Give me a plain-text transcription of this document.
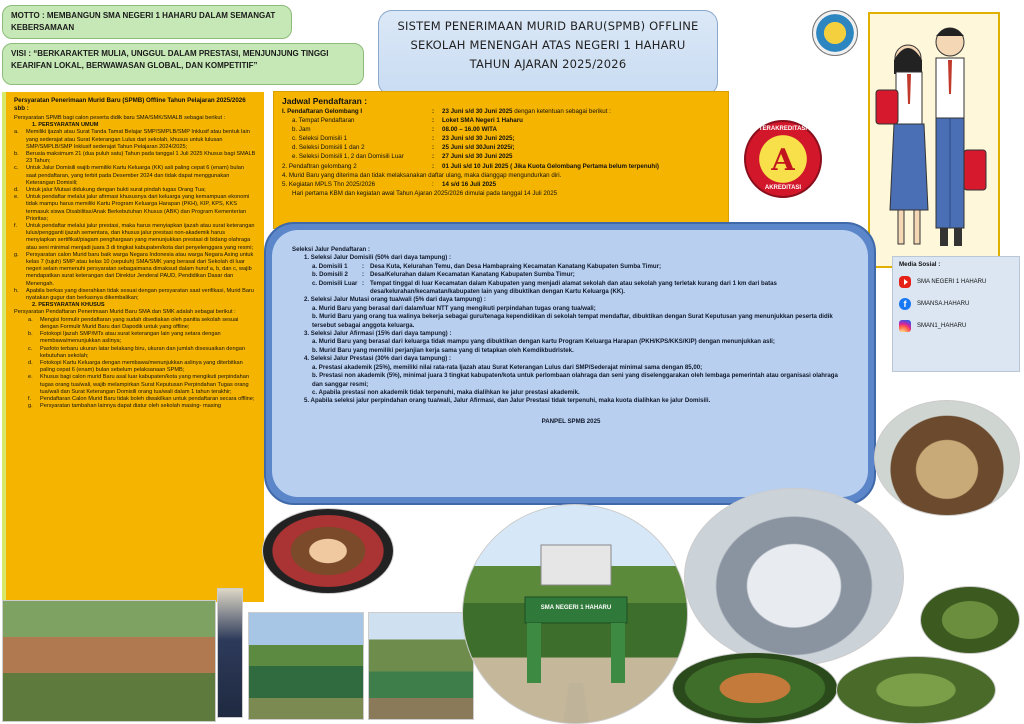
MOTTO : MEMBANGUN SMA NEGERI 1 HAHARU DALAM SEMANGAT KEBERSAMAAN
VISI : “BERKARAKTER MULIA, UNGGUL DALAM PRESTASI, MENJUNJUNG TINGGI KEARIFAN LOKAL, BERWAWASAN GLOBAL, DAN KOMPETITIF”
SISTEM PENERIMAAN MURID BARU(SPMB) OFFLINE
SEKOLAH MENENGAH ATAS NEGERI 1 HAHARU
TAHUN AJARAN 2025/2026
TERAKREDITASI
A
AKREDITASI
Persyaratan Penerimaan Murid Baru (SPMB) Offline Tahun Pelajaran 2025/2026 sbb :
Persyaratan SPMB bagi calon peserta didik baru SMA/SMK/SMALB sebagai berikut :
1. PERSYARATAN UMUM
a.	Memiliki ijazah atau Surat Tanda Tamat Belajar SMP/SMPLB/SMP Inklusif atau bentuk lain yang sederajat atau Surat Keterangan Lulus dari sekolah, khusus untuk lulusan SMP/SMPLB/SMP Inklusif sederajat Tahun Pelajaran 2024/2025;
b.	Berusia maksimum 21 (dua puluh satu) Tahun pada tanggal 1 Juli 2025 Khusus bagi SMALB 23 Tahun;
c.	Untuk Jalur Domisili wajib memiliki Kartu Keluarga (KK) asli paling cepat 6 (enam) bulan saat pendaftaran, yang terbit pada Desember 2024 dan tidak dapat menggunakan Keterangan Domisili;
d.	Untuk jalur Mutasi didukung dengan bukti surat pindah tugas Orang Tua;
e.	Untuk pendaftar melalui jalur afirmasi khususnya dari keluarga yang kemampuan ekonomi tidak mampu harus memiliki Kartu Program Keluarga Harapan (PKH), KIP, KPS, KKS termasuk siswa Disabilitas/Anak Berkebutuhan Khusus (ABK) dan Program Kementerian Prioritas;
f.	Untuk pendaftar melalui jalur prestasi, maka harus menyiapkan ijazah atau surat keterangan lulus/pengganti ijazah sementara, dan khusus jalur prestasi non-akademik harus menyiapkan sertifikat/piagam penghargaan yang menunjukkan prestasi di bidang olahraga atau seni minimal menjadi juara 3 di tingkat kabupaten/kota dari penyelenggara yang resmi;
g.	Persyaratan calon Murid baru baik warga Negara Indonesia atau warga Negara Asing untuk kelas 7 (tujuh) SMP atau kelas 10 (sepuluh) SMA/SMK yang berasal dari Sekolah di luar negeri selain memenuhi persyaratan sebagaimana dimaksud dalam huruf a, b, dan c, wajib mendapatkan surat keterangan dari Direktur Jenderal PAUD, Pendidikan Dasar dan Menengah.
h.	Apabila berkas yang diserahkan tidak sesuai dengan persyaratan saat verifikasi, Murid Baru nyatakan gugur dan berkasnya dikembalikan;
2. PERSYARATAN KHUSUS
Persyaratan Pendaftaran Penerimaan Murid Baru SMA dan SMK adalah sebagai berikut :
a.	Mengisi formulir pendaftaran yang sudah disediakan oleh panitia sekolah sesuai dengan Formulir Murid Baru dari Dapodik untuk yang offline;
b.	Fotokopi Ijazah SMP/MTs atau surat keterangan lain yang setara dengan membawa/menunjukkan aslinya;
c.	Pasfoto terbaru ukuran latar belakang biru, ukuran dan jumlah disesuaikan dengan kebutuhan sekolah;
d.	Fotokopi Kartu Keluarga dengan membawa/menunjukkan aslinya yang diterbitkan paling cepat 6 (enam) bulan sebelum pelaksanaan SPMB;
e.	Khusus bagi calon murid Baru asal luar kabupaten/kota yang mengikuti perpindahan tugas orang tua/wali, wajib melampirkan Surat Keputusan Perpindahan Tugas orang tua/wali dan Surat Keterangan Domisili orang tua/wali dalam 1 tahun terakhir;
f.	Pendaftaran Calon Murid Baru tidak boleh diwakilkan untuk pendaftaran secara offline;
g.	Persyaratan tambahan lainnya dapat diatur oleh sekolah masing- masing
Jadwal Pendaftaran :
I. Pendaftaran Gelombang I	:	23 Juni s/d 30 Juni 2025 dengan ketentuan sebagai berikut :
a. Tempat Pendaftaran	:	Loket SMA Negeri 1 Haharu
b. Jam	:	08.00 – 16.00 WITA
c. Seleksi Domisili 1	:	23 Juni s/d 30 Juni 2025;
d. Seleksi Domisili 1 dan 2	:	25 Juni s/d 30Juni 2025/;
e. Seleksi Domisili 1, 2 dan Domisili Luar	:	27 Juni s/d 30 Juni 2025
2. Pendaftran gelombang 2	:	01 Juli s/d 10 Juli 2025 ( Jika Kuota Gelombang Pertama belum terpenuhi)
4. Murid Baru yang diterima dan tidak melaksanakan daftar ulang, maka dianggap mengundurkan diri.
5. Kegiatan MPLS Thn 2025/2026	:	14 s/d 16 Juli 2025
Hari pertama KBM dan kegiatan awal Tahun Ajaran 2025/2026 dimulai pada tanggal 14 Juli 2025
Seleksi Jalur Pendaftaran :
1. Seleksi Jalur Domisili (50% dari daya tampung) :
a. Domisili 1	: Desa Kuta, Kelurahan Temu, dan Desa Hambapraing Kecamatan Kanatang Kabupaten Sumba Timur;
b. Domisili 2	: Desa/Kelurahan dalam Kecamatan Kanatang Kabupaten Sumba Timur;
c. Domisili Luar : Tempat tinggal di luar Kecamatan dalam Kabupaten yang menjadi alamat sekolah dan atau sekolah yang terletak kurang dari 1 km dari batas desa/kelurahan/kecamatan/kabupaten lain yang dibuktikan dengan Kartu Keluarga (KK).
2. Seleksi Jalur Mutasi orang tua/wali (5% dari daya tampung) :
a. Murid Baru yang berasal dari dalam/luar NTT yang mengikuti perpindahan tugas orang tua/wali;
b. Murid Baru yang orang tua walinya bekerja sebagai guru/tenaga kependidikan di sekolah tempat mendaftar, dibuktikan dengan Surat Keputusan yang menunjukkan peserta didik tersebut sebagai anggota keluarga.
3. Seleksi Jalur Afirmasi (15% dari daya tampung) :
a. Murid Baru yang berasal dari keluarga tidak mampu yang dibuktikan dengan kartu Program Keluarga Harapan (PKH/KPS/KKS/KIP) dengan menunjukkan asli;
b. Murid Baru yang memiliki perjanjian kerja sama yang di tetapkan oleh Kemdikbudristek.
4. Seleksi Jalur Prestasi (30% dari daya tampung) :
a. Prestasi akademik (25%), memiliki nilai rata-rata Ijazah atau Surat Keterangan Lulus dari SMP/Sederajat minimal sama dengan 85,00;
b. Prestasi non akademik (5%), minimal juara 3 tingkat kabupaten/kota untuk perlombaan olahraga dan seni yang diselenggarakan oleh lembaga pemerintah atau organisasi olahraga dan sanggar resmi;
c. Apabila prestasi non akademik tidak terpenuhi, maka dialihkan ke jalur prestasi akademik.
5. Apabila seleksi jalur perpindahan orang tua/wali, Jalur Afirmasi, dan Jalur Prestasi tidak terpenuhi, maka kuota dialihkan ke jalur Domisili.
PANPEL SPMB 2025
Media Sosial :
SMA NEGERI 1 HAHARU
f	SMANSA.HAHARU
SMAN1_HAHARU
SMA NEGERI 1 HAHARU
